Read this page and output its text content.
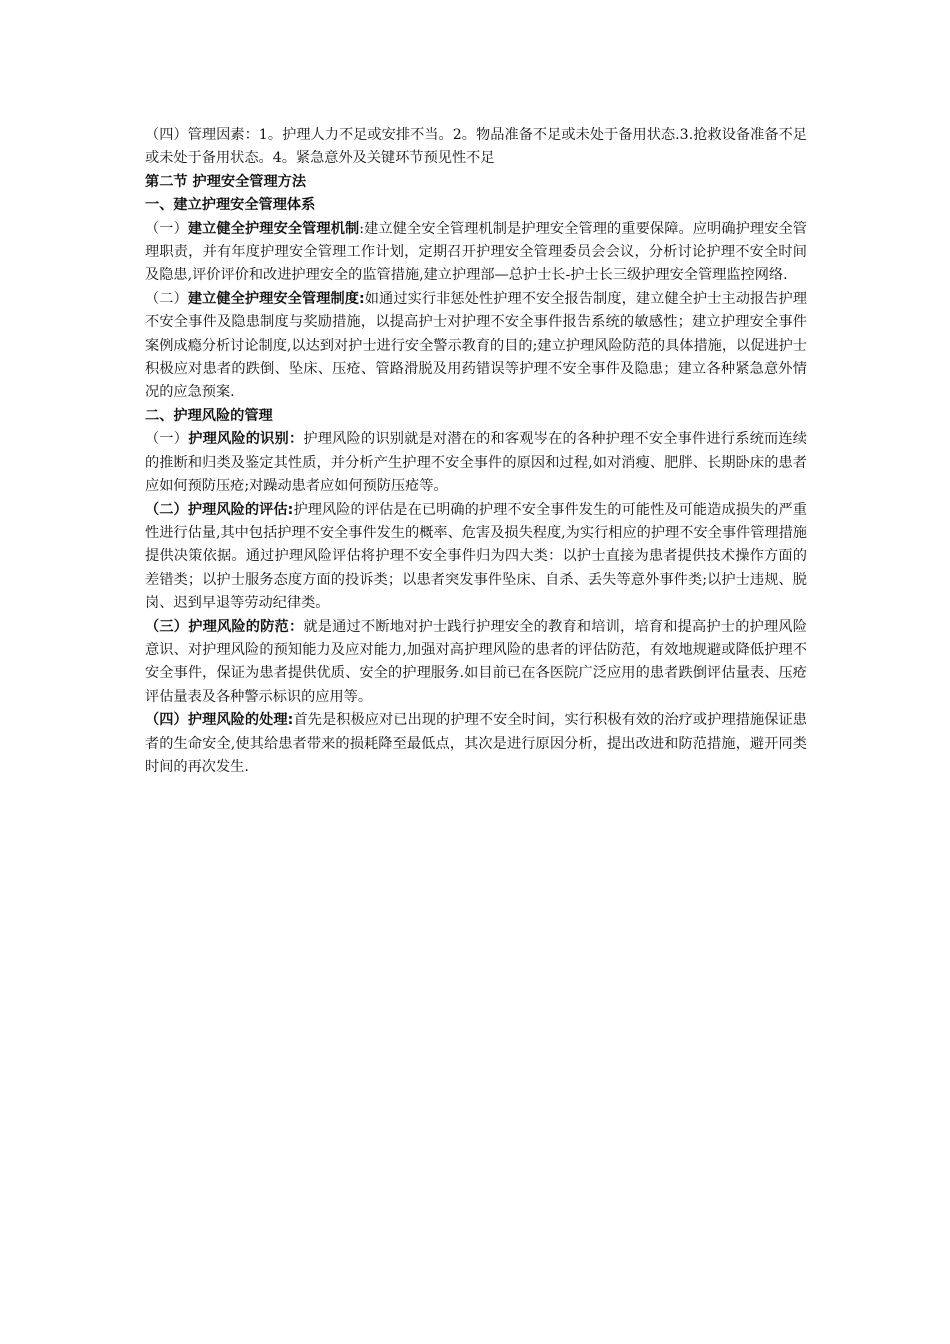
（四）管理因素：1。护理人力不足或安排不当。2。物品准备不足或未处于备用状态.3.抢救设备准备不足或未处于备用状态。4。紧急意外及关键环节预见性不足

第二节 护理安全管理方法

一、建立护理安全管理体系

（一）建立健全护理安全管理机制:建立健全安全管理机制是护理安全管理的重要保障。应明确护理安全管理职责，并有年度护理安全管理工作计划，定期召开护理安全管理委员会会议，分析讨论护理不安全时间及隐患,评价评价和改进护理安全的监管措施,建立护理部—总护士长-护士长三级护理安全管理监控网络.

（二）建立健全护理安全管理制度:如通过实行非惩处性护理不安全报告制度，建立健全护士主动报告护理不安全事件及隐患制度与奖励措施，以提高护士对护理不安全事件报告系统的敏感性；建立护理安全事件案例成瘾分析讨论制度,以达到对护士进行安全警示教育的目的;建立护理风险防范的具体措施，以促进护士积极应对患者的跌倒、坠床、压疮、管路滑脱及用药错误等护理不安全事件及隐患；建立各种紧急意外情况的应急预案.

二、护理风险的管理

（一）护理风险的识别：护理风险的识别就是对潜在的和客观岑在的各种护理不安全事件进行系统而连续的推断和归类及鉴定其性质，并分析产生护理不安全事件的原因和过程,如对消瘦、肥胖、长期卧床的患者应如何预防压疮;对躁动患者应如何预防压疮等。

（二）护理风险的评估:护理风险的评估是在已明确的护理不安全事件发生的可能性及可能造成损失的严重性进行估量,其中包括护理不安全事件发生的概率、危害及损失程度,为实行相应的护理不安全事件管理措施提供决策依据。通过护理风险评估将护理不安全事件归为四大类：以护士直接为患者提供技术操作方面的差错类；以护士服务态度方面的投诉类；以患者突发事件坠床、自杀、丢失等意外事件类;以护士违规、脱岗、迟到早退等劳动纪律类。

（三）护理风险的防范：就是通过不断地对护士践行护理安全的教育和培训，培育和提高护士的护理风险意识、对护理风险的预知能力及应对能力,加强对高护理风险的患者的评估防范，有效地规避或降低护理不安全事件，保证为患者提供优质、安全的护理服务.如目前已在各医院广泛应用的患者跌倒评估量表、压疮评估量表及各种警示标识的应用等。

（四）护理风险的处理:首先是积极应对已出现的护理不安全时间，实行积极有效的治疗或护理措施保证患者的生命安全,使其给患者带来的损耗降至最低点，其次是进行原因分析，提出改进和防范措施，避开同类时间的再次发生.
